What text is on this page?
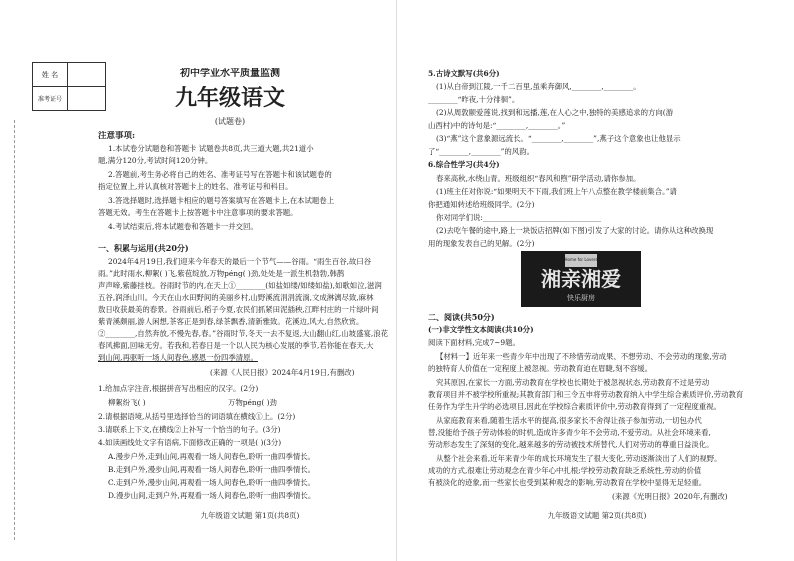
姓 名
准考证号
初中学业水平质量监测
九年级语文
(试题卷)
注意事项:
1.本试卷分试题卷和答题卡 试题卷共8页,共三道大题,共21道小
题,满分120分,考试时间120分钟。
2.答题前,考生务必将自己的姓名、准考证号写在答题卡和该试题卷的
指定位置上,并认真核对答题卡上的姓名、准考证号和科目。
3.答选择题时,选择题卡相应的题号答案填写在答题卡上,在本试题卷上
答题无效。考生在答题卡上按答题卡中注意事项的要求答题。
4.考试结束后,将本试题卷和答题卡一并交回。
一、积累与运用(共20分)
2024年4月19日,我们迎来今年春天的最后一个节气——谷雨。“雨生百谷,故曰谷
雨。”此时雨水,柳絮( )飞,紫苞绽放,万物péng( )劲,处处是一派生机勃勃,韩鹊
声声啼,紫藤挂枝。谷雨时节的内,在天上①________(如盐如缕/如缕如盐),如歌如泣,滋润
五谷,润泽山川。今天在山水田野间的美丽乡村,山野溪流涓涓流淌,文成淋漓尽致,麻林
敖日收获最美的春景。谷雨前后,稻子今夏,农民们抓紧田泥插秧,江畔村庄的一片绿叶间
紫青溪颇丽,游人闲想,茶客正是到春,绿茶飘香,清新雅致。花溪边,风大,自然欣赏。
②________,自然奔放,不慢先春,春。”谷雨时节,冬天一去不复返,大山翻山红,山坡盛宴,浪花
春风拂面,回味无穷。若我和,若春日是一个以人民为核心发展的季节,若你能在春天,大
到山间,再驱听一场人间春色,感恩一份四季清原。
(来源《人民日报》2024年4月19日,有删改)
1.给加点字注音,根据拼音写出相应的汉字。(2分)
柳絮纷飞( )	万物péng( )劲
2.请根据语境,从括号里选择恰当的词语填在横线①上。(2分)
3.请联系上下文,在横线②上补写一个恰当的句子。(3分)
4.如读画线处文字有语病,下面修改正确的一项是( )(3分)
A.漫步户外,走到山间,再观看一场人间春色,聆听一曲四季情长。
B.走到户外,漫步山间,再观看一场人间春色,聆听一曲四季情长。
C.走到户外,漫步山间,再观看一场人间春色,聆听一曲四季情长。
D.漫步山间,走到户外,再观看一场人间春色,聆听一曲四季情长。
九年级语文试题 第1页(共8页)
5.古诗文默写(共6分)
(1)从白帝到江陵,一千二百里,虽乘奔御风,________,________。
________“昨夜,十分徘徊”。
(2)从周敦颐爱莲说,找到和远播,莲,在人心之中,独特的美感追求的方向(游
山西村)中的诗句是:“________,________。”
(3)“燕”这个意象源远流长。“________,________”,燕子这个意象也让他显示
了“________,________”的风韵。
6.综合性学习(共4分)
春来高秋,水绕山青。班级组织“春风和煦”研学活动,请你参加。
(1)班主任对你说:“如果明天不下雨,我们班上午八点整在教学楼前集合。”请
你把通知转述给班级同学。(2分)
你对同学们说:________________________________
(2)去吃午餐的途中,路上一块饭店招牌(如下图)引发了大家的讨论。请你从这种改换现
用的现象发表自己的见解。(2分)
Home for Lovers
湘亲湘爱
快乐厨房
二、阅读(共50分)
(一)非文学性文本阅读(共10分)
阅读下面材料,完成7~9题。
【材料一】近年来一些青少年中出现了不珍惜劳动成果、不想劳动、不会劳动的现象,劳动
的独特育人价值在一定程度上被忽视。劳动教育迫在眉睫,刻不容缓。
究其原因,在家长一方面,劳动教育在学校也长期处于被忽视状态,劳动教育不过是劳动
教育项目并不被学校所重视;其教育部门和三令五申将劳动教育纳入中学生综合素质评价,劳动教育
任务作为学生升学的必选项目,因此在学校综合素质评价中,劳动教育得到了一定程度重视。
从家庭教育来看,随着生活水平的提高,很多家长不舍得让孩子参加劳动,一切包办代
替,没能给予孩子劳动体验的时机,造成许多青少年不会劳动,不爱劳动。从社会环境来看,
劳动形态发生了深刻的变化,越来越多的劳动被技术所替代,人们对劳动的尊重日益淡化。
从整个社会来看,近年来青少年的成长环境发生了很大变化,劳动逐渐淡出了人们的视野。
成功的方式,很难让劳动观念在青少年心中扎根;学校劳动教育缺乏系统性,劳动的价值
有被淡化的迹象,而一些家长也受到某种观念的影响,劳动教育在学校中显得无足轻重。
(来源《光明日报》2020年,有删改)
九年级语文试题 第2页(共8页)
